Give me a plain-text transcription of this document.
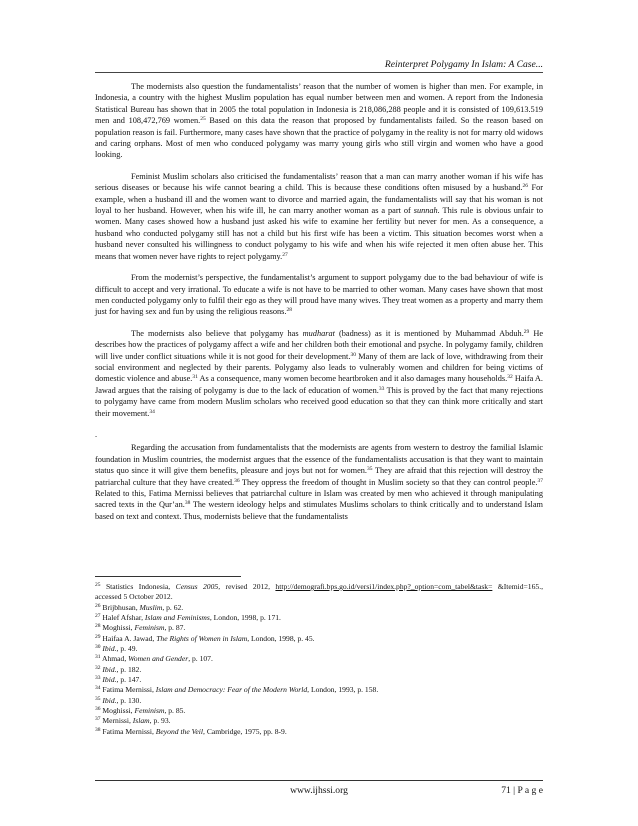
Reinterpret Polygamy In Islam: A Case...

The modernists also question the fundamentalists’ reason that the number of women is higher than men. For example, in Indonesia, a country with the highest Muslim population has equal number between men and women. A report from the Indonesia Statistical Bureau has shown that in 2005 the total population in Indonesia is 218,086,288 people and it is consisted of 109,613.519 men and 108,472,769 women.$^{25}$ Based on this data the reason that proposed by fundamentalists failed. So the reason based on population reason is fail. Furthermore, many cases have shown that the practice of polygamy in the reality is not for marry old widows and caring orphans. Most of men who conduced polygamy was marry young girls who still virgin and women who have a good looking.

Feminist Muslim scholars also criticised the fundamentalists’ reason that a man can marry another woman if his wife has serious diseases or because his wife cannot bearing a child. This is because these conditions often misused by a husband.$^{26}$ For example, when a husband ill and the women want to divorce and married again, the fundamentalists will say that his woman is not loyal to her husband. However, when his wife ill, he can marry another woman as a part of sunnah. This rule is obvious unfair to women. Many cases showed how a husband just asked his wife to examine her fertility but never for men. As a consequence, a husband who conducted polygamy still has not a child but his first wife has been a victim. This situation becomes worst when a husband never consulted his willingness to conduct polygamy to his wife and when his wife rejected it men often abuse her. This means that women never have rights to reject polygamy.$^{27}$

From the modernist’s perspective, the fundamentalist’s argument to support polygamy due to the bad behaviour of wife is difficult to accept and very irrational. To educate a wife is not have to be married to other woman. Many cases have shown that most men conducted polygamy only to fulfil their ego as they will proud have many wives. They treat women as a property and marry them just for having sex and fun by using the religious reasons.$^{28}$

The modernists also believe that polygamy has mudharat (badness) as it is mentioned by Muhammad Abduh.$^{29}$ He describes how the practices of polygamy affect a wife and her children both their emotional and psyche. In polygamy family, children will live under conflict situations while it is not good for their development.$^{30}$ Many of them are lack of love, withdrawing from their social environment and neglected by their parents. Polygamy also leads to vulnerably women and children for being victims of domestic violence and abuse.$^{31}$ As a consequence, many women become heartbroken and it also damages many households.$^{32}$ Haifa A. Jawad argues that the raising of polygamy is due to the lack of education of women.$^{33}$ This is proved by the fact that many rejections to polygamy have came from modern Muslim scholars who received good education so that they can think more critically and start their movement.$^{34}$

.

Regarding the accusation from fundamentalists that the modernists are agents from western to destroy the familial Islamic foundation in Muslim countries, the modernist argues that the essence of the fundamentalists accusation is that they want to maintain status quo since it will give them benefits, pleasure and joys but not for women.$^{35}$ They are afraid that this rejection will destroy the patriarchal culture that they have created.$^{36}$ They oppress the freedom of thought in Muslim society so that they can control people.$^{37}$ Related to this, Fatima Mernissi believes that patriarchal culture in Islam was created by men who achieved it through manipulating sacred texts in the Qur’an.$^{38}$ The western ideology helps and stimulates Muslims scholars to think critically and to understand Islam based on text and context. Thus, modernists believe that the fundamentalists

$^{25}$ Statistics Indonesia, Census 2005, revised 2012, http://demografi.bps.go.id/versi1/index.php?_option=com_tabel&task= &Itemid=165., accessed 5 October 2012.

$^{26}$ Brijbhusan, Muslim, p. 62.

$^{27}$ Halef Afshar, Islam and Feminisms, London, 1998, p. 171.

$^{28}$ Moghissi, Feminism, p. 87.

$^{29}$ Haifaa A. Jawad, The Rights of Women in Islam, London, 1998, p. 45.

$^{30}$ Ibid., p. 49.

$^{31}$ Ahmad, Women and Gender, p. 107.

$^{32}$ Ibid., p. 182.

$^{33}$ Ibid., p. 147.

$^{34}$ Fatima Mernissi, Islam and Democracy: Fear of the Modern World, London, 1993, p. 158.

$^{35}$ Ibid., p. 130.

$^{36}$ Moghissi, Feminism, p. 85.

$^{37}$ Mernissi, Islam, p. 93.

$^{38}$ Fatima Mernissi, Beyond the Veil, Cambridge, 1975, pp. 8-9.

www.ijhssi.org	71 | P a g e
